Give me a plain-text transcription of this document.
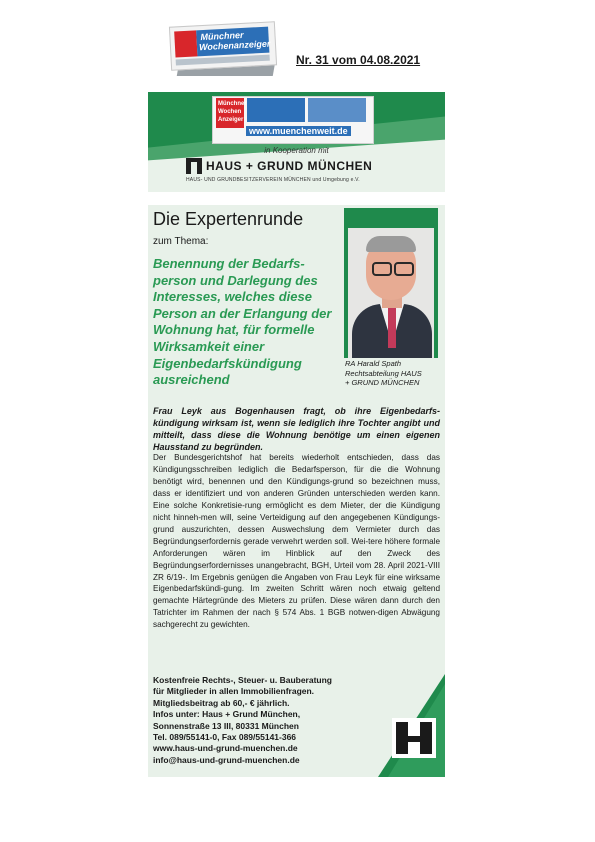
Münchner
Wochenanzeiger
Nr. 31 vom 04.08.2021
Münchner
Wochen
Anzeiger
www.muenchenweit.de
in Kooperation mit
HAUS + GRUND MÜNCHEN
HAUS- UND GRUNDBESITZERVEREIN MÜNCHEN und Umgebung e.V.
Die Expertenrunde
zum Thema:
Benennung der Bedarfs-person und Darlegung des Interesses, welches diese Person an der Erlangung der Wohnung hat, für formelle Wirksamkeit einer Eigenbedarfskündigung ausreichend
RA Harald Spath
Rechtsabteilung HAUS
+ GRUND MÜNCHEN
Frau Leyk aus Bogenhausen fragt, ob ihre Eigenbedarfs-kündigung wirksam ist, wenn sie lediglich ihre Tochter angibt und mitteilt, dass diese die Wohnung benötige um einen eigenen Hausstand zu begründen.
Der Bundesgerichtshof hat bereits wiederholt entschieden, dass das Kündigungsschreiben lediglich die Bedarfsperson, für die die Wohnung benötigt wird, benennen und den Kündigungs-grund so bezeichnen muss, dass er identifiziert und von anderen Gründen unterschieden werden kann. Eine solche Konkretisie-rung ermöglicht es dem Mieter, der die Kündigung nicht hinneh-men will, seine Verteidigung auf den angegebenen Kündigungs-grund auszurichten, dessen Auswechslung dem Vermieter durch das Begründungserfordernis gerade verwehrt werden soll. Wei-tere höhere formale Anforderungen wären im Hinblick auf den Zweck des Begründungserfordernisses unangebracht, BGH, Urteil vom 28. April 2021-VIII ZR 6/19-. Im Ergebnis genügen die Angaben von Frau Leyk für eine wirksame Eigenbedarfskündi-gung. Im zweiten Schritt wären noch etwaig geltend gemachte Härtegründe des Mieters zu prüfen. Diese wären dann durch den Tatrichter im Rahmen der nach § 574 Abs. 1 BGB notwen-digen Abwägung sachgerecht zu gewichten.
Kostenfreie Rechts-, Steuer- u. Bauberatung
für Mitglieder in allen Immobilienfragen.
Mitgliedsbeitrag ab 60,- € jährlich.
Infos unter: Haus + Grund München,
Sonnenstraße 13 III, 80331 München
Tel. 089/55141-0, Fax 089/55141-366
www.haus-und-grund-muenchen.de
info@haus-und-grund-muenchen.de
